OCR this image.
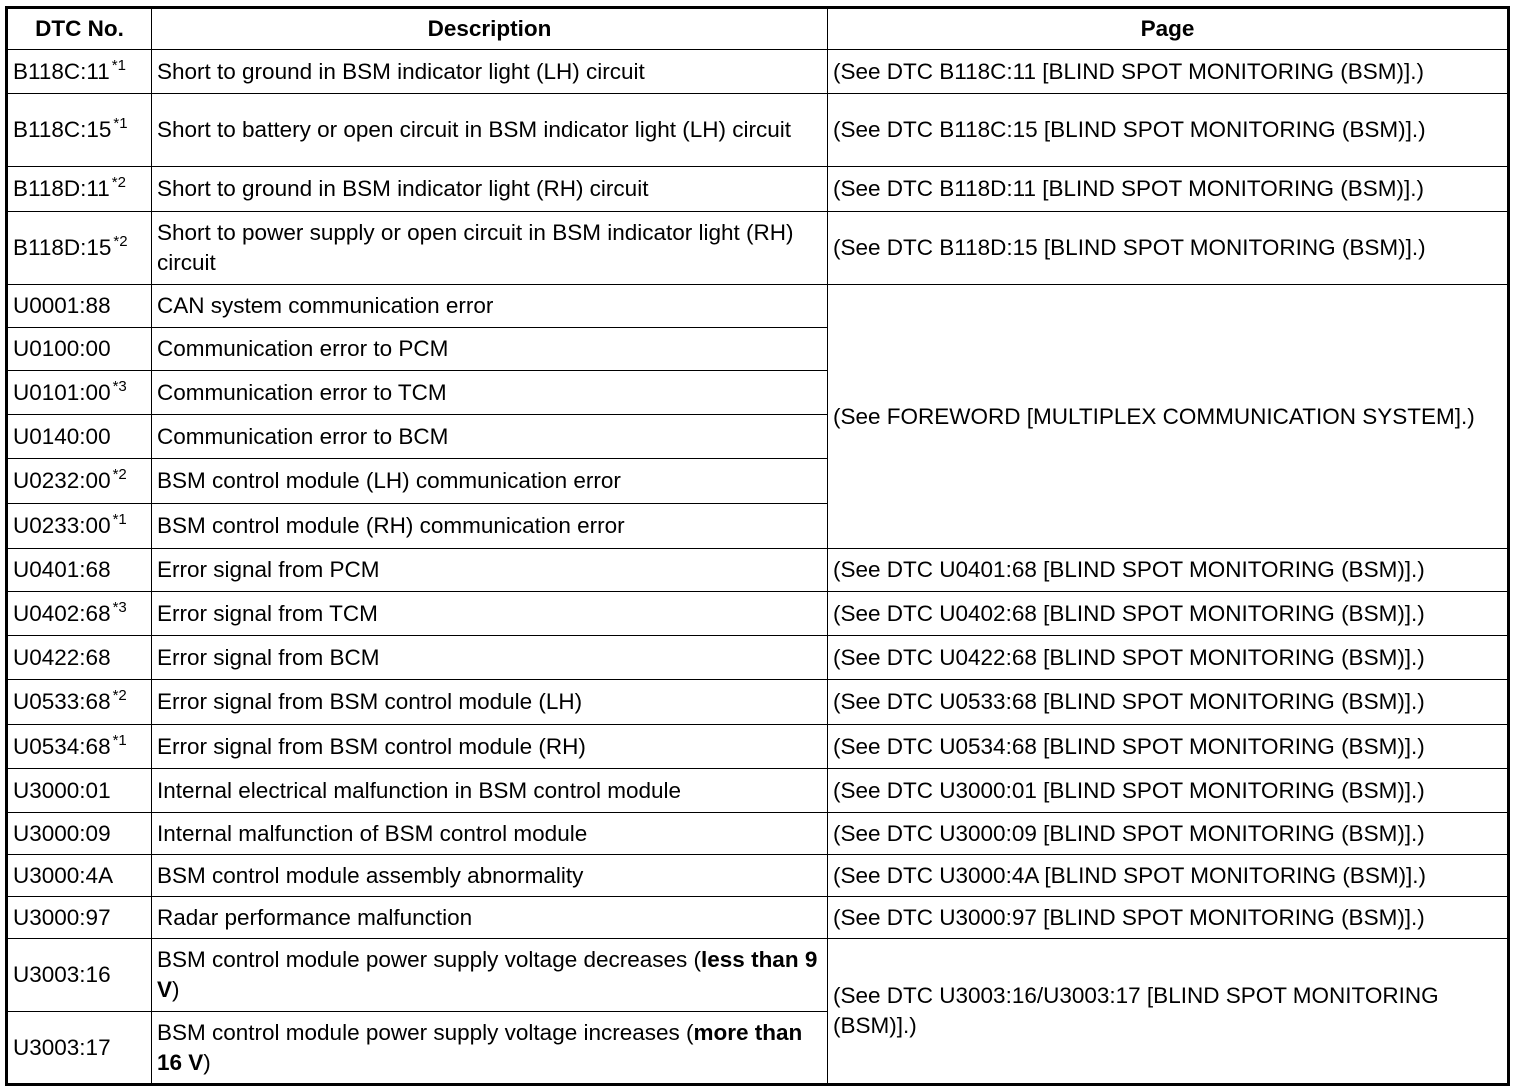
DTC No.	Description	Page
B118C:11 $^{*1}$	Short to ground in BSM indicator light (LH) circuit	(See DTC B118C:11 [BLIND SPOT MONITORING (BSM)].)
B118C:15 $^{*1}$	Short to battery or open circuit in BSM indicator light (LH) circuit	(See DTC B118C:15 [BLIND SPOT MONITORING (BSM)].)
B118D:11 $^{*2}$	Short to ground in BSM indicator light (RH) circuit	(See DTC B118D:11 [BLIND SPOT MONITORING (BSM)].)
B118D:15 $^{*2}$	Short to power supply or open circuit in BSM indicator light (RH) circuit	(See DTC B118D:15 [BLIND SPOT MONITORING (BSM)].)
U0001:88	CAN system communication error	(See FOREWORD [MULTIPLEX COMMUNICATION SYSTEM].)
U0100:00	Communication error to PCM	
U0101:00 $^{*3}$	Communication error to TCM	
U0140:00	Communication error to BCM	
U0232:00 $^{*2}$	BSM control module (LH) communication error	
U0233:00 $^{*1}$	BSM control module (RH) communication error	
U0401:68	Error signal from PCM	(See DTC U0401:68 [BLIND SPOT MONITORING (BSM)].)
U0402:68 $^{*3}$	Error signal from TCM	(See DTC U0402:68 [BLIND SPOT MONITORING (BSM)].)
U0422:68	Error signal from BCM	(See DTC U0422:68 [BLIND SPOT MONITORING (BSM)].)
U0533:68 $^{*2}$	Error signal from BSM control module (LH)	(See DTC U0533:68 [BLIND SPOT MONITORING (BSM)].)
U0534:68 $^{*1}$	Error signal from BSM control module (RH)	(See DTC U0534:68 [BLIND SPOT MONITORING (BSM)].)
U3000:01	Internal electrical malfunction in BSM control module	(See DTC U3000:01 [BLIND SPOT MONITORING (BSM)].)
U3000:09	Internal malfunction of BSM control module	(See DTC U3000:09 [BLIND SPOT MONITORING (BSM)].)
U3000:4A	BSM control module assembly abnormality	(See DTC U3000:4A [BLIND SPOT MONITORING (BSM)].)
U3000:97	Radar performance malfunction	(See DTC U3000:97 [BLIND SPOT MONITORING (BSM)].)
U3003:16	BSM control module power supply voltage decreases (less than 9 V)	(See DTC U3003:16/U3003:17 [BLIND SPOT MONITORING (BSM)].)
U3003:17	BSM control module power supply voltage increases (more than 16 V)	
